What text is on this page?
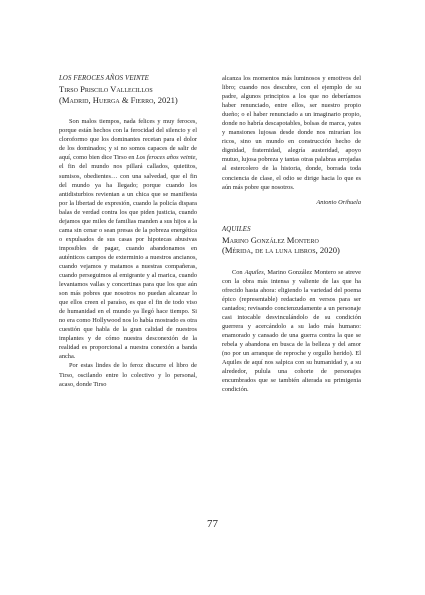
LOS FEROCES AÑOS VEINTE
Tirso Priscilo Vallecillos
(Madrid, Huerga & Fierro, 2021)

Son malos tiempos, nada felices y muy feroces, porque están hechos con la ferocidad del silencio y el cloroformo que los dominantes recetan para el dolor de los dominados; y si no somos capaces de salir de aquí, como bien dice Tirso en Los feroces años veinte, el fin del mundo nos pillará callados, quietitos, sumisos, obedientes… con una salvedad, que el fin del mundo ya ha llegado; porque cuando los antidisturbios revientan a un chica que se manifiesta por la libertad de expresión, cuando la policía dispara balas de verdad contra los que piden justicia, cuando dejamos que miles de familias manden a sus hijos a la cama sin cenar o sean presas de la pobreza energética o expulsados de sus casas por hipotecas abusivas imposibles de pagar, cuando abandonamos en auténticos campos de exterminio a nuestros ancianos, cuando vejamos y matamos a nuestras compañeras, cuando perseguimos al emigrante y al marica, cuando levantamos vallas y concertinas para que los que aún son más pobres que nosotros no puedan alcanzar lo que ellos creen el paraíso, es que el fin de todo viso de humanidad en el mundo ya llegó hace tiempo. Si no era como Hollywood nos lo había mostrado es otra cuestión que habla de la gran calidad de nuestros implantes y de cómo nuestra desconexión de la realidad es proporcional a nuestra conexión a banda ancha.

Por estas lindes de lo feroz discurre el libro de Tirso, oscilando entre lo colectivo y lo personal, acaso, donde Tirso

alcanza los momentos más luminosos y emotivos del libro; cuando nos descubre, con el ejemplo de su padre, algunos principios a los que no deberíamos haber renunciado, entre ellos, ser nuestro propio dueño; o el haber renunciado a un imaginario propio, donde no habría descapotables, bolsas de marca, yates y mansiones lujosas desde donde nos mirarían los ricos, sino un mundo en construcción hecho de dignidad, fraternidad, alegría austeridad, apoyo mutuo, lujosa pobreza y tantas otras palabras arrojadas al estercolero de la historia, donde, borrada toda conciencia de clase, el odio se dirige hacia lo que es aún más pobre que nosotros.

Antonio Orihuela

AQUILES
Marino González Montero
(Mérida, de la luna libros, 2020)

Con Aquiles, Marino González Montero se atreve con la obra más intensa y valiente de las que ha ofrecido hasta ahora: eligiendo la variedad del poema épico (representable) redactado en versos para ser cantados; revisando concienzudamente a un personaje casi intocable desvinculándolo de su condición guerrera y acercándolo a su lado más humano: enamorado y cansado de una guerra contra la que se rebela y abandona en busca de la belleza y del amor (no por un arranque de reproche y orgullo herido). El Aquiles de aquí nos salpica con su humanidad y, a su alrededor, pulula una cohorte de personajes encumbrados que se también alterada su primigenia condición.

77
